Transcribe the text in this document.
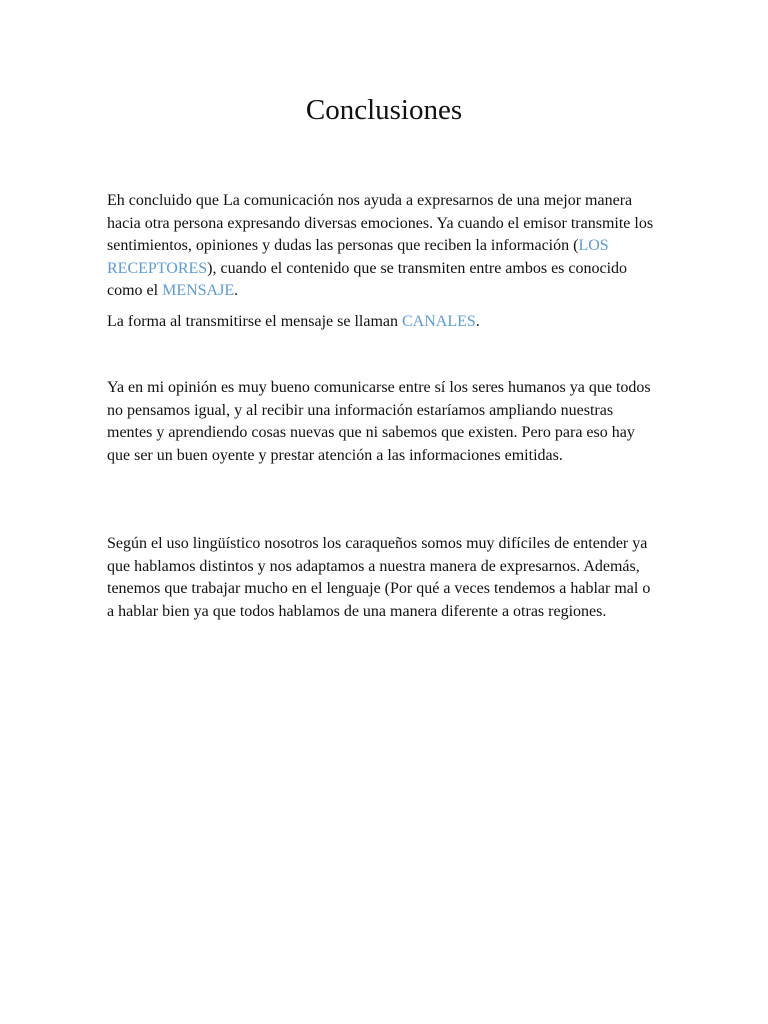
Conclusiones

Eh concluido que La comunicación nos ayuda a expresarnos de una mejor manera hacia otra persona expresando diversas emociones. Ya cuando el emisor transmite los sentimientos, opiniones y dudas las personas que reciben la información (LOS RECEPTORES), cuando el contenido que se transmiten entre ambos es conocido como el MENSAJE.

La forma al transmitirse el mensaje se llaman CANALES.

Ya en mi opinión es muy bueno comunicarse entre sí los seres humanos ya que todos no pensamos igual, y al recibir una información estaríamos ampliando nuestras mentes y aprendiendo cosas nuevas que ni sabemos que existen. Pero para eso hay que ser un buen oyente y prestar atención a las informaciones emitidas.

Según el uso lingüístico nosotros los caraqueños somos muy difíciles de entender ya que hablamos distintos y nos adaptamos a nuestra manera de expresarnos. Además, tenemos que trabajar mucho en el lenguaje (Por qué a veces tendemos a hablar mal o a hablar bien ya que todos hablamos de una manera diferente a otras regiones.
